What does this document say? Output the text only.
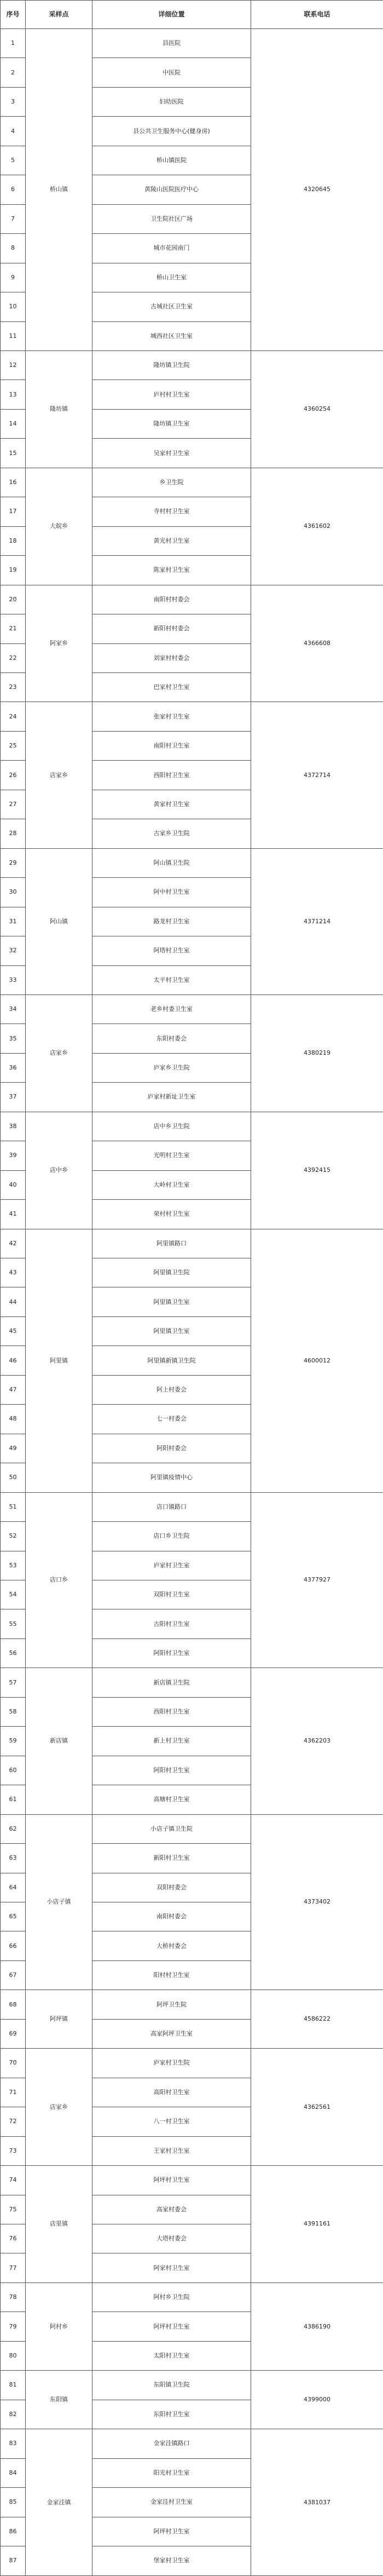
序号	采样点	详细位置	联系电话
1	桥山镇	县医院	4320645
2		中医院	
3		妇幼医院	
4		县公共卫生服务中心(健身房)	
5		桥山镇医院	
6		黄陵山医院医疗中心	
7		卫生院社区广场	
8		城市花园南门	
9		桥山卫生室	
10		古城社区卫生室	
11		城西社区卫生室	
12	隆坊镇	隆坊镇卫生院	4360254
13		庐村村卫生室	
14		隆坊镇卫生室	
15		吴家村卫生室	
16	大皖乡	乡卫生院	4361602
17		寺村村卫生室	
18		黄光村卫生室	
19		陈家村卫生室	
20	阿家乡	南阳村村委会	4366608
21		新阳村村委会	
22		刘家村村委会	
23		巴家村卫生室	
24	店家乡	张家村卫生室	4372714
25		南阳村卫生室	
26		西阳村卫生室	
27		黄家村卫生室	
28		古家乡卫生院	
29	阿山镇	阿山镇卫生院	4371214
30		阿中村卫生室	
31		路龙村卫生室	
32		阿塔村卫生室	
33		太平村卫生室	
34	店家乡	老乡村委卫生室	4380219
35		东阳村委会	
36		庐家乡卫生院	
37		庐家村新址卫生室	
38	店中乡	店中乡卫生院	4392415
39		光明村卫生室	
40		大岭村卫生室	
41		荣村村卫生室	
42	阿里镇	阿里镇路口	4600012
43		阿里镇卫生院	
44		阿里镇卫生室	
45		阿里镇卫生室	
46		阿里镇新镇卫生院	
47		阿上村委会	
48		七一村委会	
49		阿阳村委会	
50		阿里镇疫情中心	
51	店口乡	店口镇路口	4377927
52		店口乡卫生院	
53		庐家村卫生室	
54		双阳村卫生室	
55		古阳村卫生室	
56		阿阳村卫生室	
57	新店镇	新店镇卫生院	4362203
58		西阳村卫生室	
59		新上村卫生室	
60		阿阳村卫生室	
61		高塘村卫生室	
62	小店子镇	小店子镇卫生院	4373402
63		新阳村卫生室	
64		双阳村委会	
65		南阳村委会	
66		大桥村委会	
67		阳村村卫生室	
68	阿坪镇	阿坪卫生院	4586222
69		高家阿坪卫生室	
70	店家乡	庐家村卫生院	4362561
71		高阳村卫生室	
72		八一村卫生室	
73		王家村卫生室	
74	店里镇	阿坪村卫生室	4391161
75		高家村委会	
76		大塔村委会	
77		阿家村卫生室	
78	阿村乡	阿村乡卫生院	4386190
79		阿坪村卫生室	
80		太阳村卫生室	
81	东阳镇	东阳镇卫生院	4399000
82		东阳村卫生室	
83	金家洼镇	金家洼镇路口	4381037
84		阳光村卫生室	
85		金家洼村卫生室	
86		阿坪村卫生室	
87		堡家村卫生室	
